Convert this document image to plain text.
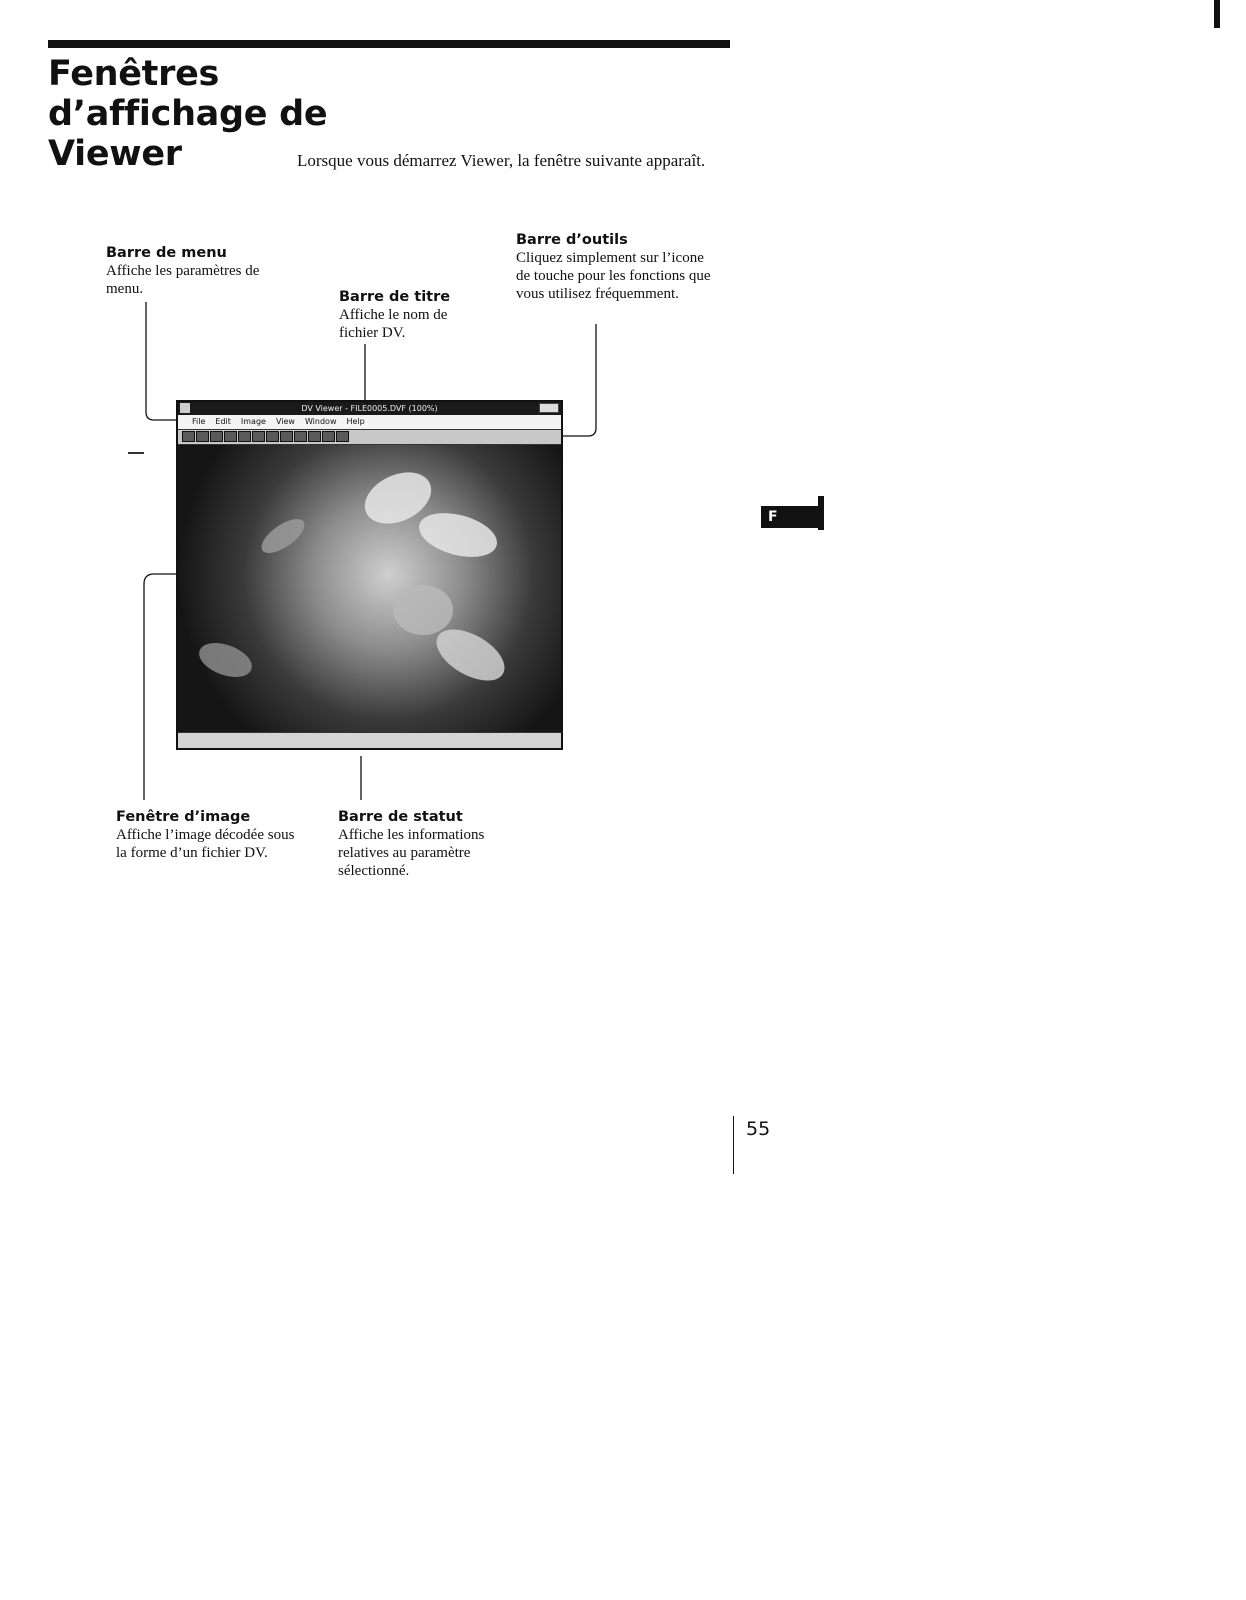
Fenêtres
d’affichage de
Viewer	Lorsque vous démarrez Viewer, la fenêtre suivante apparaît.

Barre de menu

Affiche les paramètres de menu.	Barre de titre

Affiche le nom de fichier DV.

Barre d’outils

Cliquez simplement sur l’icone de touche pour les fonctions que vous utilisez fréquemment.

Fenêtre d’image

Affiche l’image décodée sous la forme d’un fichier DV.

Barre de statut

Affiche les informations relatives au paramètre sélectionné.

DV Viewer - FILE0005.DVF (100%)
File Edit Image View Window Help
F
55
